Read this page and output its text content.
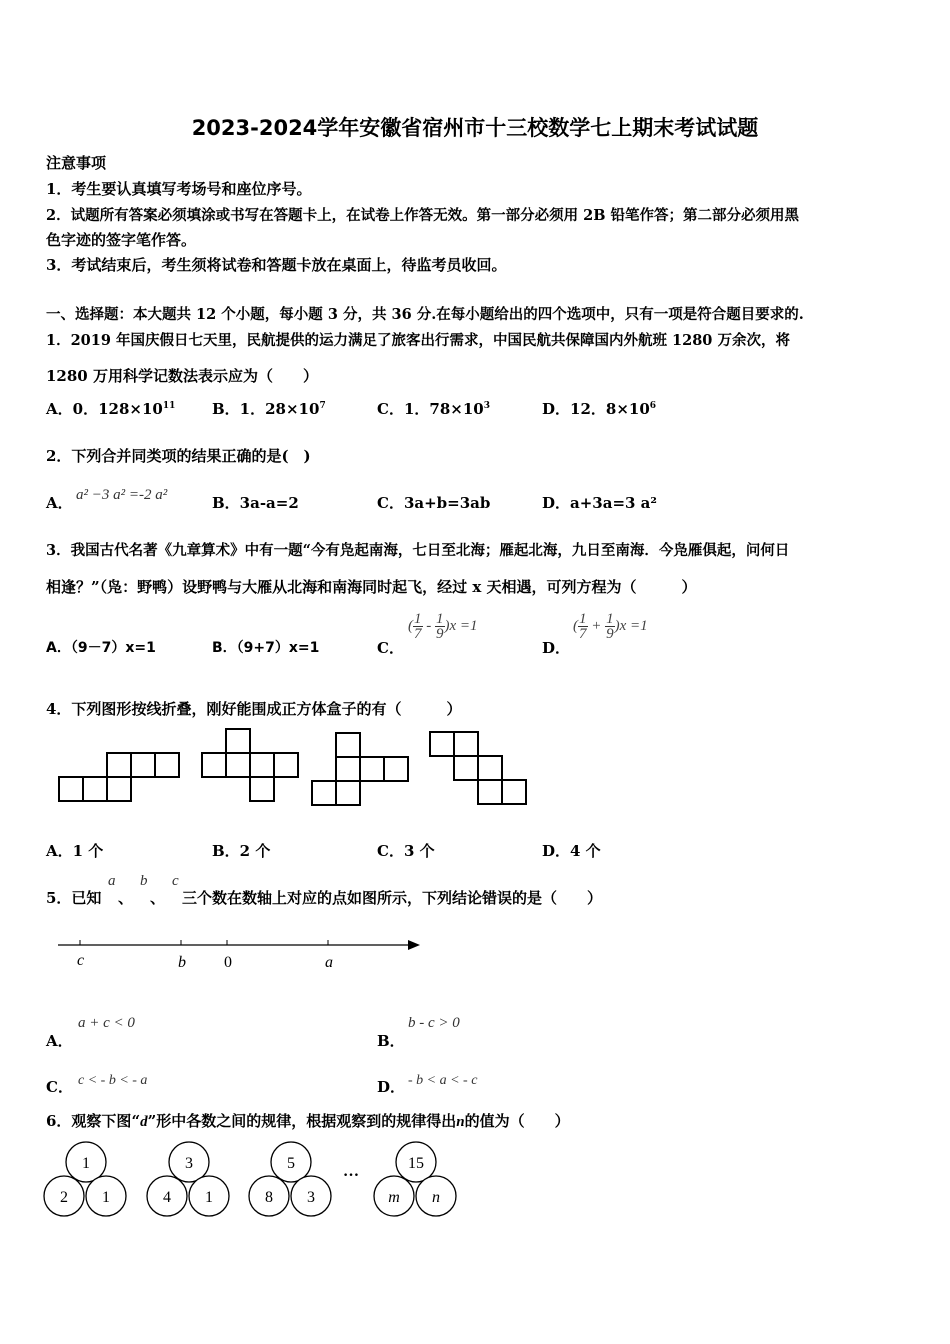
2023-2024学年安徽省宿州市十三校数学七上期末考试试题
注意事项
1．考生要认真填写考场号和座位序号。
2．试题所有答案必须填涂或书写在答题卡上，在试卷上作答无效。第一部分必须用 2B 铅笔作答；第二部分必须用黑
色字迹的签字笔作答。
3．考试结束后，考生须将试卷和答题卡放在桌面上，待监考员收回。
一、选择题：本大题共 12 个小题，每小题 3 分，共 36 分.在每小题给出的四个选项中，只有一项是符合题目要求的.
1．2019 年国庆假日七天里，民航提供的运力满足了旅客出行需求，中国民航共保障国内外航班 1280 万余次，将
1280 万用科学记数法表示应为（　　）
A．0．$128\times 10^{11}$ B．1．$28\times 10^7$	C．1．$78\times 10^3$	D．12．$8\times 10^6$
2．下列合并同类项的结果正确的是(　)
A． a² −3 a² =-2 a²	B．3a-a=2	C．3a+b=3ab	D．a+3a=3 a²
3．我国古代名著《九章算术》中有一题“今有凫起南海，七日至北海；雁起北海，九日至南海．今凫雁俱起，问何日
相逢？”（凫：野鸭）设野鸭与大雁从北海和南海同时起飞，经过 x 天相遇，可列方程为（　　　）
A．（9－7）x=1	B．（9+7）x=1	C．
( $\frac{1}{7} - \frac{1}{9} )x =1$
D．
( $\frac{1}{7} + \frac{1}{9} )x =1$
4．下列图形按线折叠，刚好能围成正方体盒子的有（　　　）
A．1 个	B．2 个	C．3 个	D．4 个
5．已知
a
、
b
、
c
三个数在数轴上对应的点如图所示，下列结论错误的是（　　）
c	b 0	a
A．
a + c < 0
B．
b - c > 0
C． c < - b < - a	D． - b < a < - c
6．观察下图“d”形中各数之间的规律，根据观察到的规律得出n的值为（　　）
1
2 1
3
4 1
5
8 3
…	15
m n
